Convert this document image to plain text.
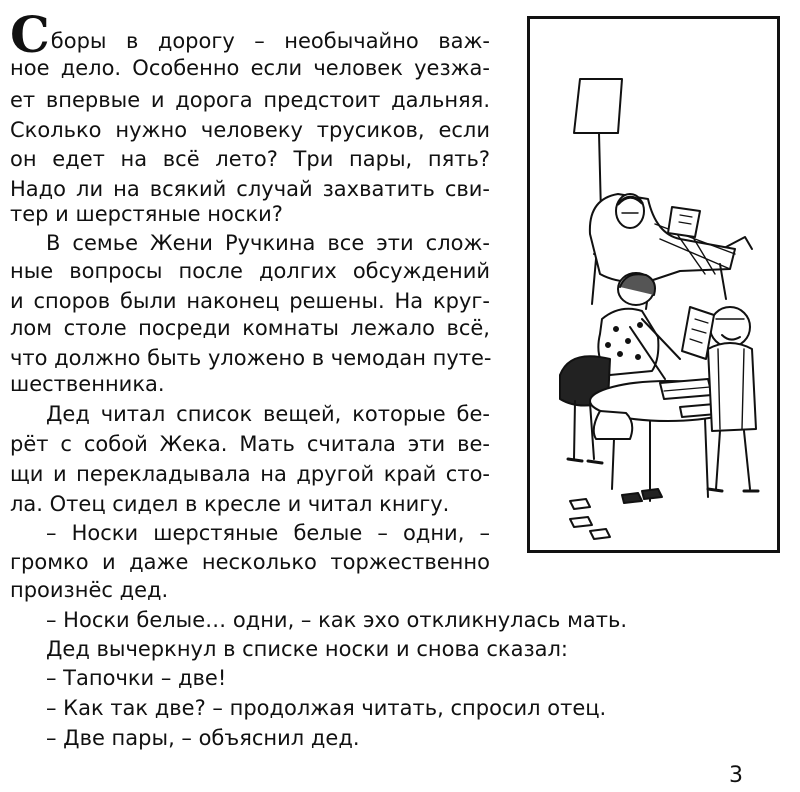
Сборы в дорогу – необычайно важ-
ное дело. Особенно если человек уезжа-
ет впервые и дорога предстоит дальняя.
Сколько нужно человеку трусиков, если
он едет на всё лето? Три пары, пять?
Надо ли на всякий случай захватить сви-
тер и шерстяные носки?
В семье Жени Ручкина все эти слож-
ные вопросы после долгих обсуждений
и споров были наконец решены. На круг-
лом столе посреди комнаты лежало всё,
что должно быть уложено в чемодан путе-
шественника.
Дед читал список вещей, которые бе-
рёт с собой Жека. Мать считала эти ве-
щи и перекладывала на другой край сто-
ла. Отец сидел в кресле и читал книгу.
– Носки шерстяные белые – одни, –
громко и даже несколько торжественно
произнёс дед.
– Носки белые… одни, – как эхо откликнулась мать.
Дед вычеркнул в списке носки и снова сказал:
– Тапочки – две!
– Как так две? – продолжая читать, спросил отец.
– Две пары, – объяснил дед.
3
